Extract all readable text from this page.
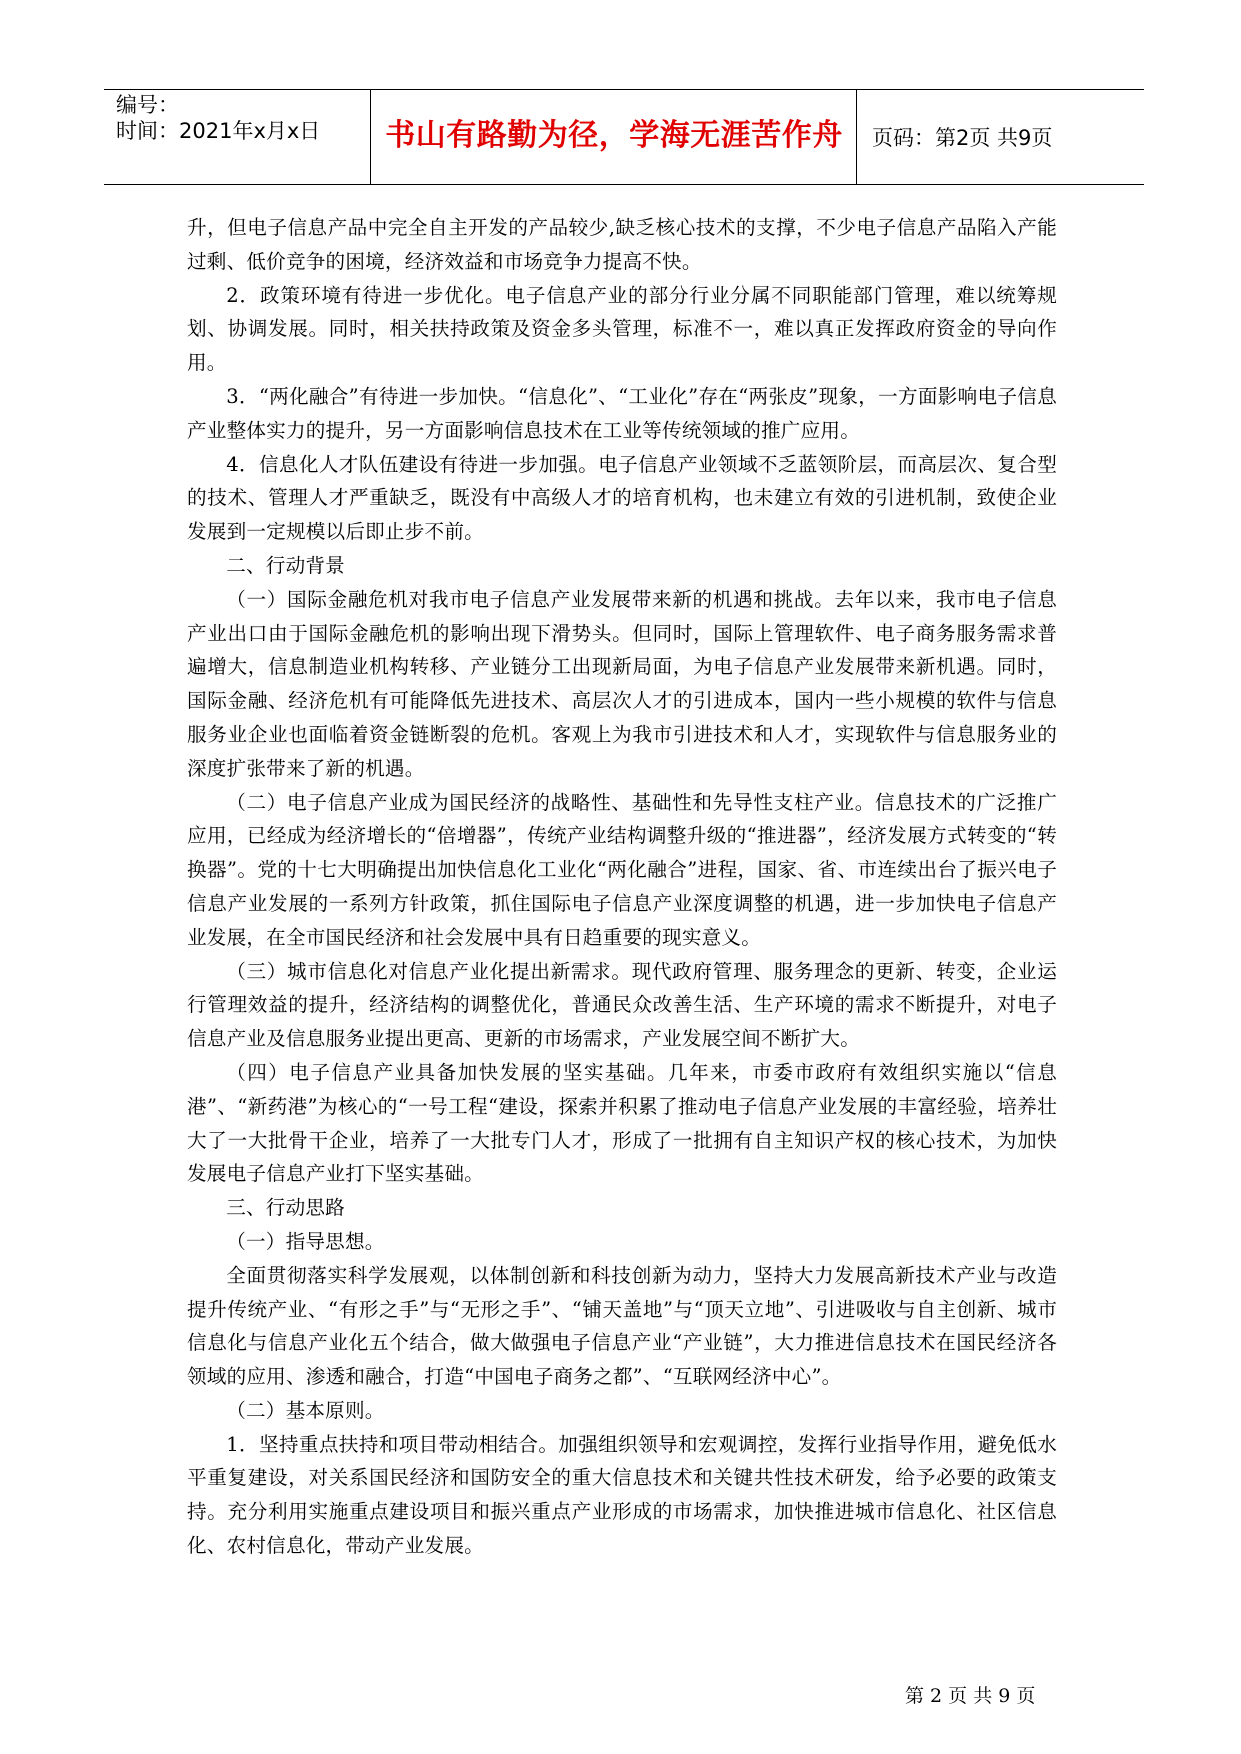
编号：
时间：2021年x月x日	书山有路勤为径，学海无涯苦作舟	页码：第2页 共9页

升，但电子信息产品中完全自主开发的产品较少,缺乏核心技术的支撑，不少电子信息产品陷入产能过剩、低价竞争的困境，经济效益和市场竞争力提高不快。

2．政策环境有待进一步优化。电子信息产业的部分行业分属不同职能部门管理，难以统筹规划、协调发展。同时，相关扶持政策及资金多头管理，标准不一，难以真正发挥政府资金的导向作用。

3．“两化融合”有待进一步加快。“信息化”、“工业化”存在“两张皮”现象，一方面影响电子信息产业整体实力的提升，另一方面影响信息技术在工业等传统领域的推广应用。

4．信息化人才队伍建设有待进一步加强。电子信息产业领域不乏蓝领阶层，而高层次、复合型的技术、管理人才严重缺乏，既没有中高级人才的培育机构，也未建立有效的引进机制，致使企业发展到一定规模以后即止步不前。

二、行动背景

（一）国际金融危机对我市电子信息产业发展带来新的机遇和挑战。去年以来，我市电子信息产业出口由于国际金融危机的影响出现下滑势头。但同时，国际上管理软件、电子商务服务需求普遍增大，信息制造业机构转移、产业链分工出现新局面，为电子信息产业发展带来新机遇。同时，国际金融、经济危机有可能降低先进技术、高层次人才的引进成本，国内一些小规模的软件与信息服务业企业也面临着资金链断裂的危机。客观上为我市引进技术和人才，实现软件与信息服务业的深度扩张带来了新的机遇。

（二）电子信息产业成为国民经济的战略性、基础性和先导性支柱产业。信息技术的广泛推广应用，已经成为经济增长的“倍增器”，传统产业结构调整升级的“推进器”，经济发展方式转变的“转换器”。党的十七大明确提出加快信息化工业化“两化融合”进程，国家、省、市连续出台了振兴电子信息产业发展的一系列方针政策，抓住国际电子信息产业深度调整的机遇，进一步加快电子信息产业发展，在全市国民经济和社会发展中具有日趋重要的现实意义。

（三）城市信息化对信息产业化提出新需求。现代政府管理、服务理念的更新、转变，企业运行管理效益的提升，经济结构的调整优化，普通民众改善生活、生产环境的需求不断提升，对电子信息产业及信息服务业提出更高、更新的市场需求，产业发展空间不断扩大。

（四）电子信息产业具备加快发展的坚实基础。几年来，市委市政府有效组织实施以“信息港”、“新药港”为核心的“一号工程“建设，探索并积累了推动电子信息产业发展的丰富经验，培养壮大了一大批骨干企业，培养了一大批专门人才，形成了一批拥有自主知识产权的核心技术，为加快发展电子信息产业打下坚实基础。

三、行动思路

（一）指导思想。

全面贯彻落实科学发展观，以体制创新和科技创新为动力，坚持大力发展高新技术产业与改造提升传统产业、“有形之手”与“无形之手”、“铺天盖地”与“顶天立地”、引进吸收与自主创新、城市信息化与信息产业化五个结合，做大做强电子信息产业“产业链”，大力推进信息技术在国民经济各领域的应用、渗透和融合，打造“中国电子商务之都”、“互联网经济中心”。

（二）基本原则。

1．坚持重点扶持和项目带动相结合。加强组织领导和宏观调控，发挥行业指导作用，避免低水平重复建设，对关系国民经济和国防安全的重大信息技术和关键共性技术研发，给予必要的政策支持。充分利用实施重点建设项目和振兴重点产业形成的市场需求，加快推进城市信息化、社区信息化、农村信息化，带动产业发展。

第 2 页 共 9 页
